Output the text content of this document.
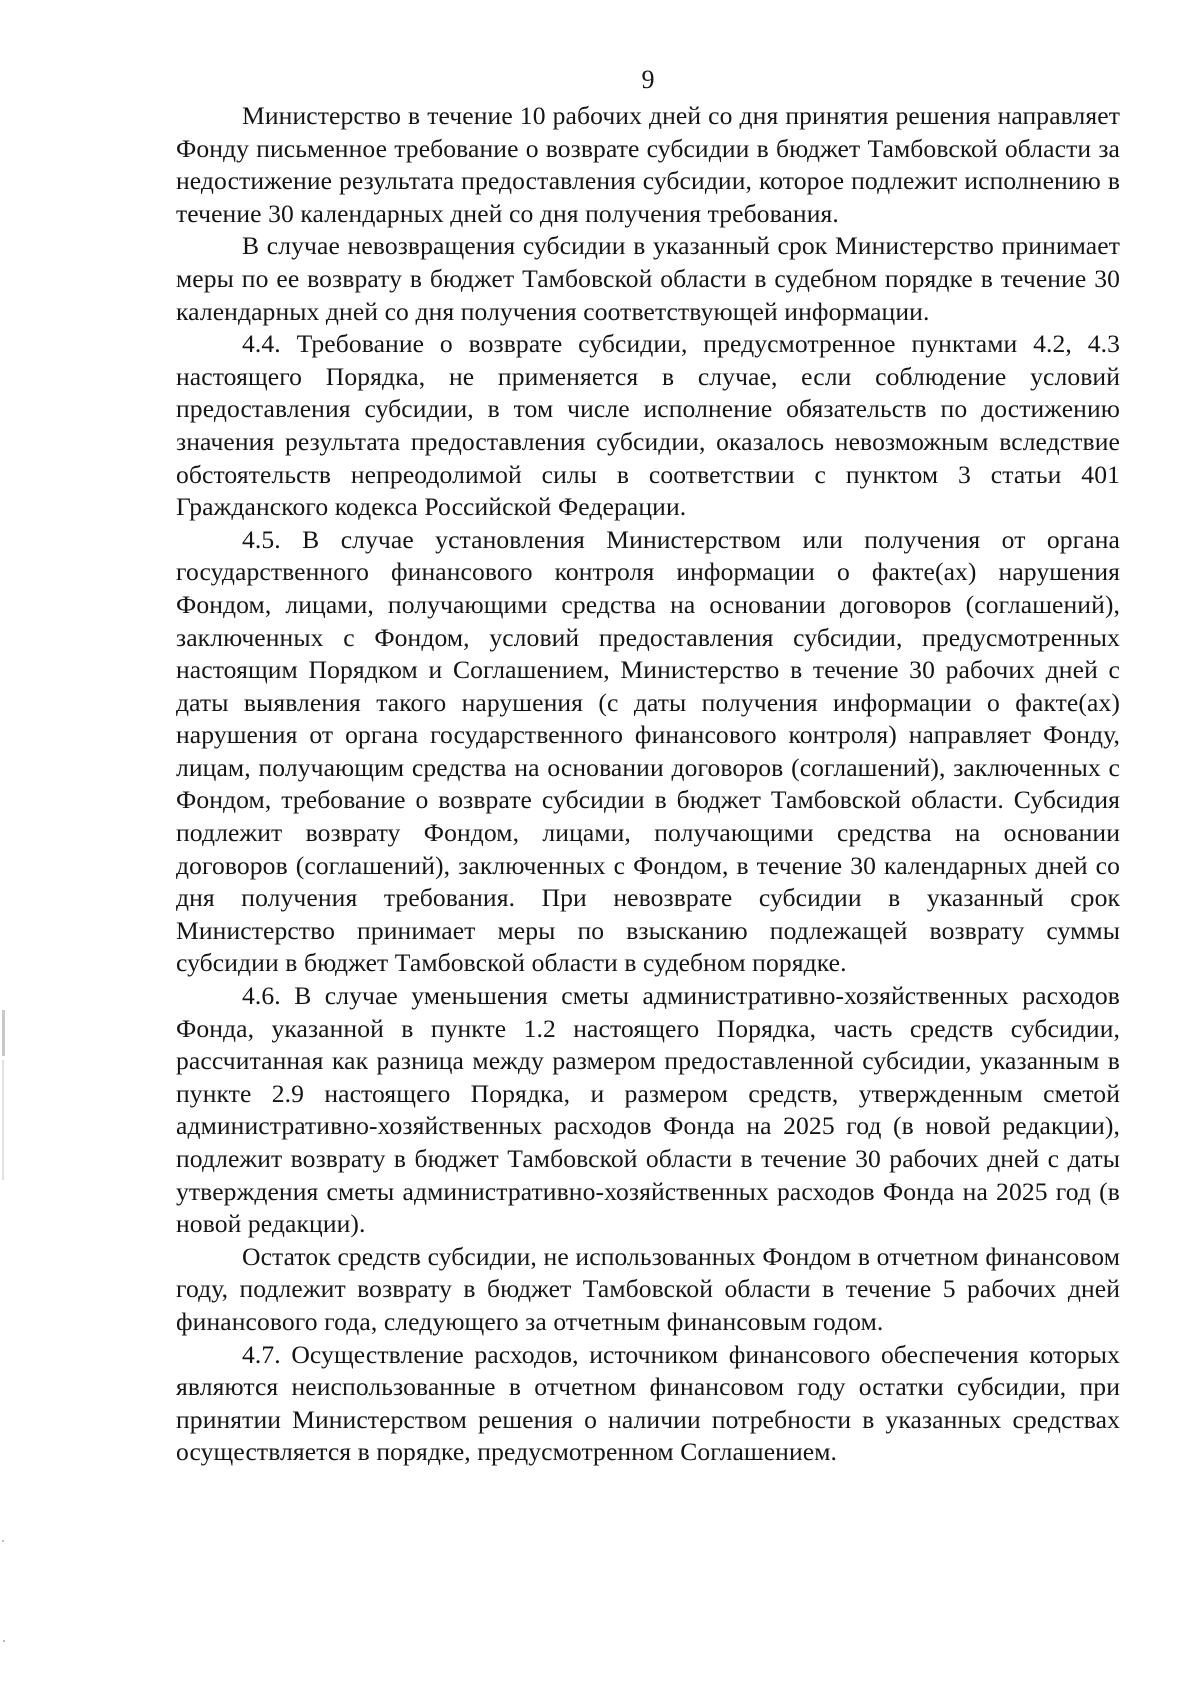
9

Министерство в течение 10 рабочих дней со дня принятия решения направляет Фонду письменное требование о возврате субсидии в бюджет Тамбовской области за недостижение результата предоставления субсидии, которое подлежит исполнению в течение 30 календарных дней со дня получения требования.

В случае невозвращения субсидии в указанный срок Министерство принимает меры по ее возврату в бюджет Тамбовской области в судебном порядке в течение 30 календарных дней со дня получения соответствующей информации.

4.4. Требование о возврате субсидии, предусмотренное пунктами 4.2, 4.3 настоящего Порядка, не применяется в случае, если соблюдение условий предоставления субсидии, в том числе исполнение обязательств по достижению значения результата предоставления субсидии, оказалось невозможным вследствие обстоятельств непреодолимой силы в соответствии с пунктом 3 статьи 401 Гражданского кодекса Российской Федерации.

4.5. В случае установления Министерством или получения от органа государственного финансового контроля информации о факте(ах) нарушения Фондом, лицами, получающими средства на основании договоров (соглашений), заключенных с Фондом, условий предоставления субсидии, предусмотренных настоящим Порядком и Соглашением, Министерство в течение 30 рабочих дней с даты выявления такого нарушения (с даты получения информации о факте(ах) нарушения от органа государственного финансового контроля) направляет Фонду, лицам, получающим средства на основании договоров (соглашений), заключенных с Фондом, требование о возврате субсидии в бюджет Тамбовской области. Субсидия подлежит возврату Фондом, лицами, получающими средства на основании договоров (соглашений), заключенных с Фондом, в течение 30 календарных дней со дня получения требования. При невозврате субсидии в указанный срок Министерство принимает меры по взысканию подлежащей возврату суммы субсидии в бюджет Тамбовской области в судебном порядке.

4.6. В случае уменьшения сметы административно-хозяйственных расходов Фонда, указанной в пункте 1.2 настоящего Порядка, часть средств субсидии, рассчитанная как разница между размером предоставленной субсидии, указанным в пункте 2.9 настоящего Порядка, и размером средств, утвержденным сметой административно-хозяйственных расходов Фонда на 2025 год (в новой редакции), подлежит возврату в бюджет Тамбовской области в течение 30 рабочих дней с даты утверждения сметы административно-хозяйственных расходов Фонда на 2025 год (в новой редакции).

Остаток средств субсидии, не использованных Фондом в отчетном финансовом году, подлежит возврату в бюджет Тамбовской области в течение 5 рабочих дней финансового года, следующего за отчетным финансовым годом.

4.7. Осуществление расходов, источником финансового обеспечения которых являются неиспользованные в отчетном финансовом году остатки субсидии, при принятии Министерством решения о наличии потребности в указанных средствах осуществляется в порядке, предусмотренном Соглашением.
